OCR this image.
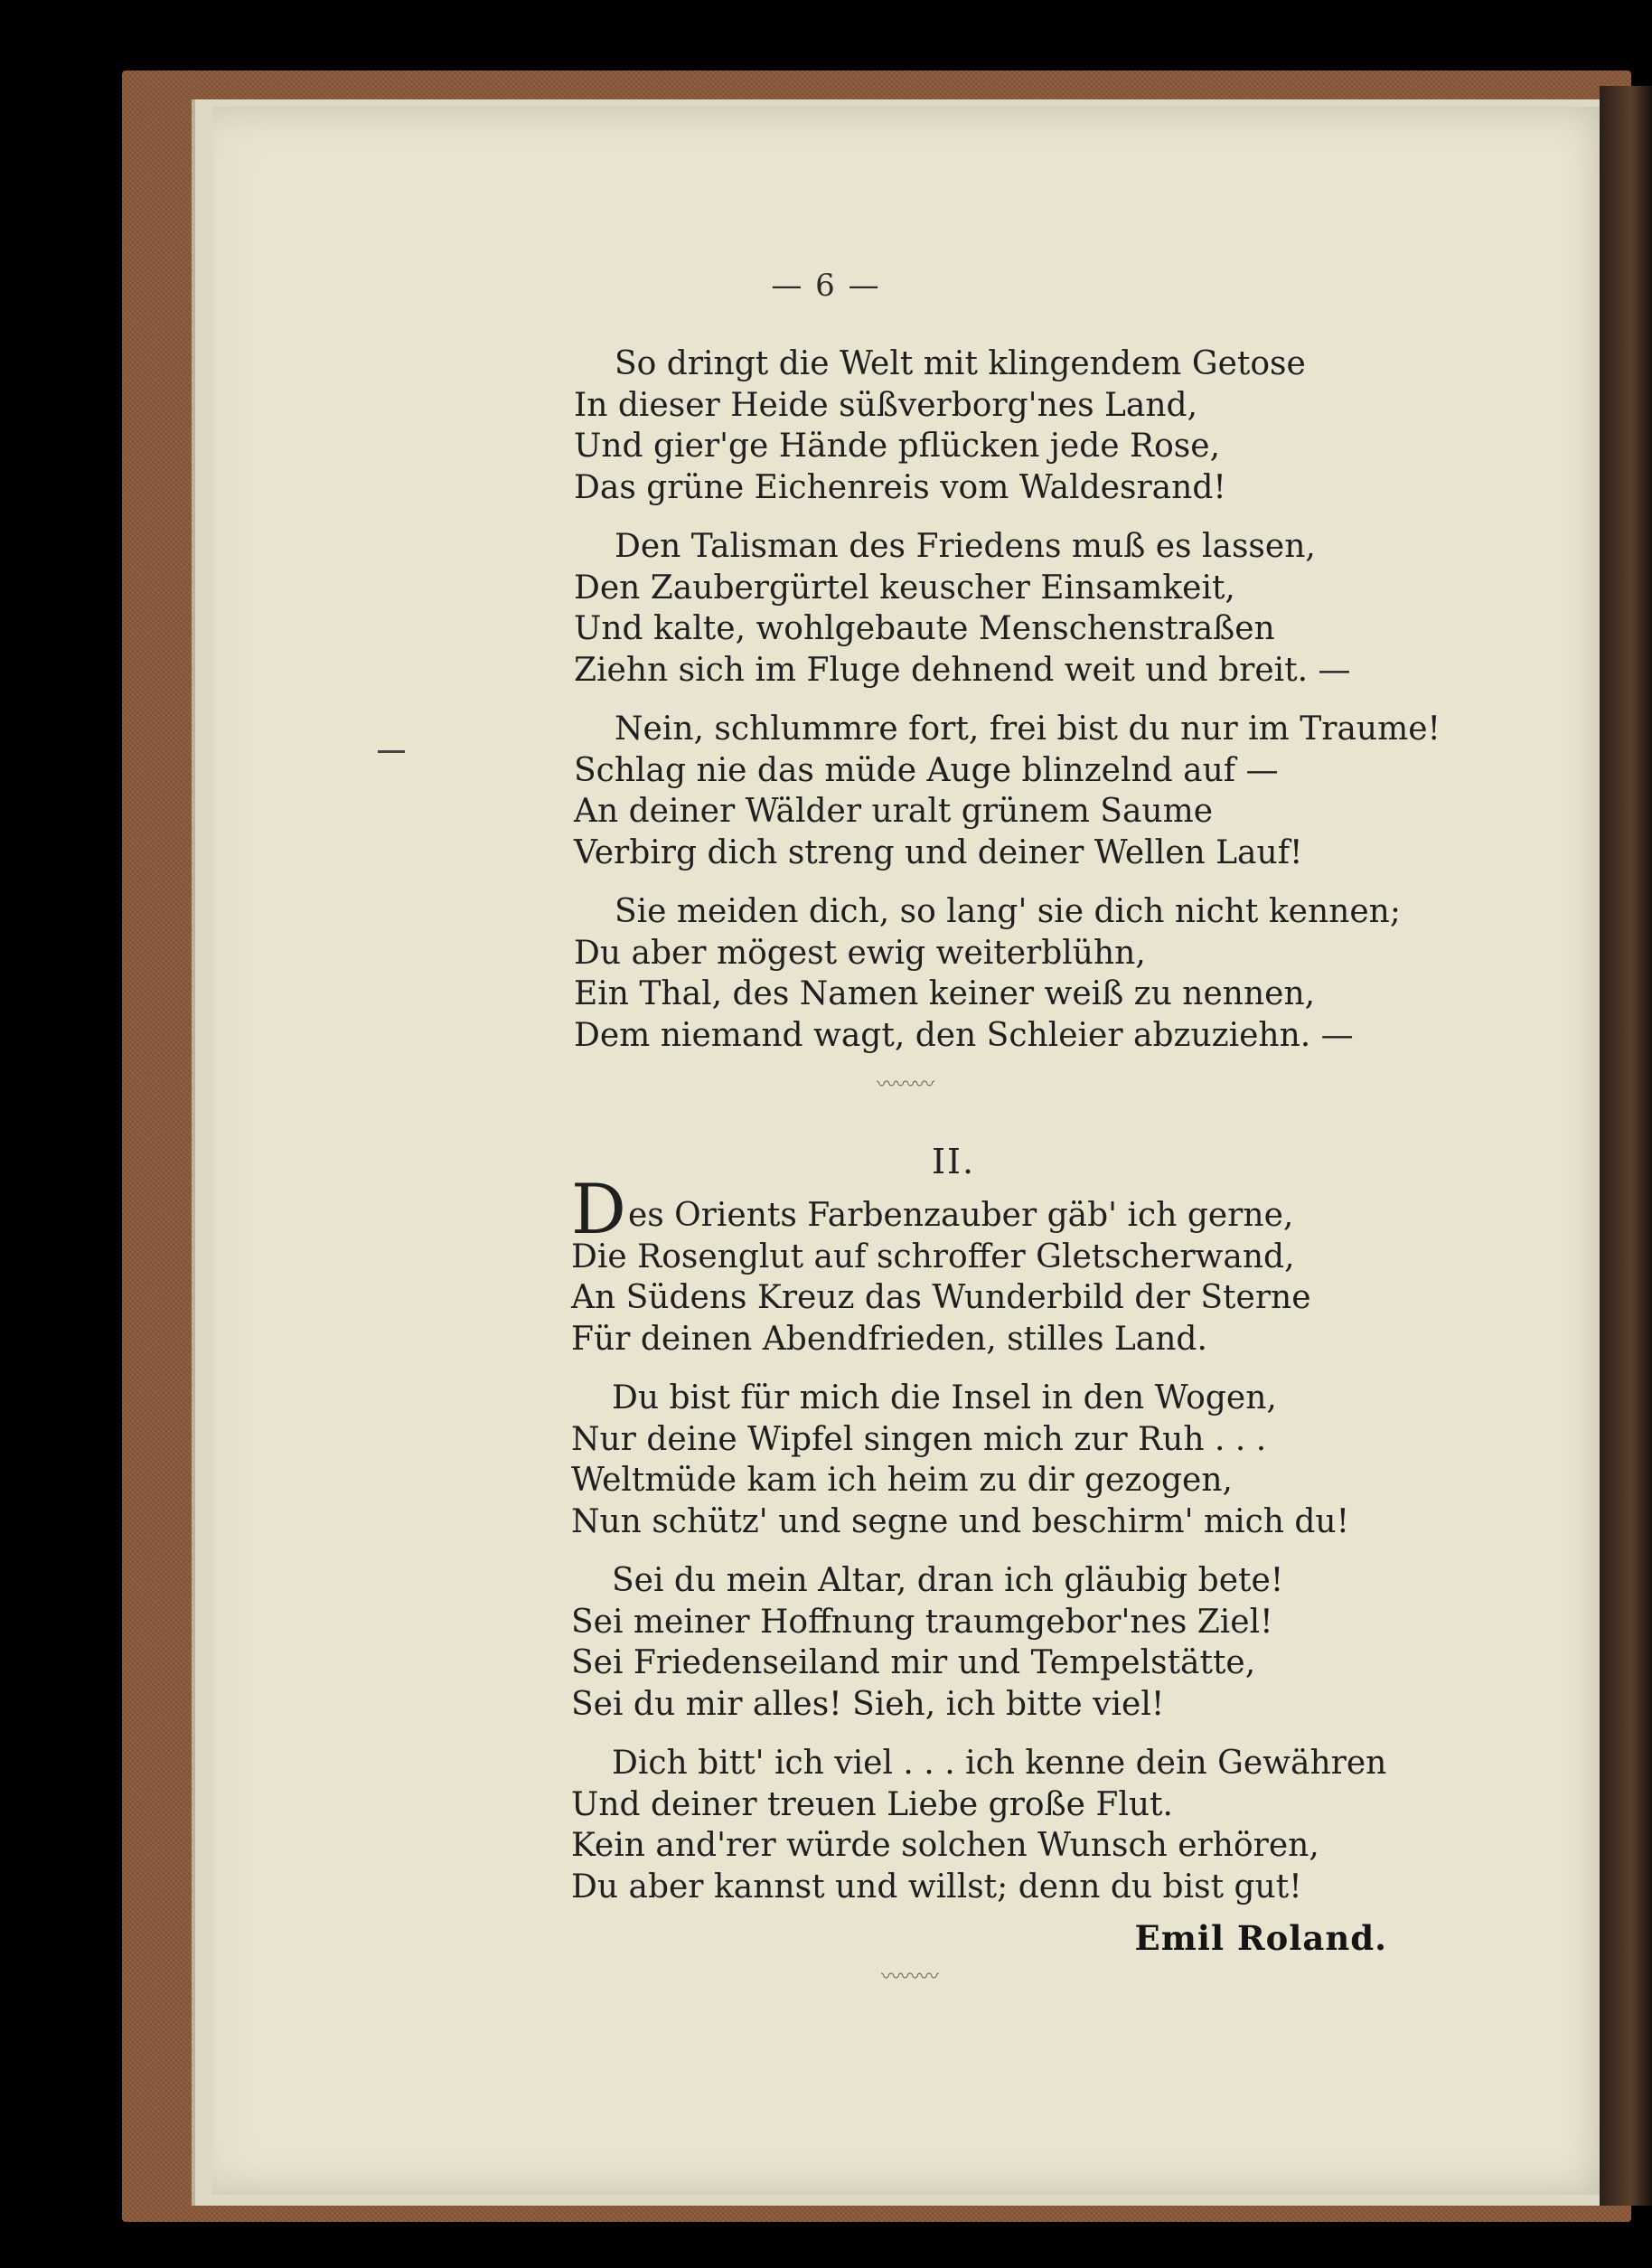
— 6 —
So dringt die Welt mit klingendem Getose
In dieser Heide süßverborg'nes Land,
Und gier'ge Hände pflücken jede Rose,
Das grüne Eichenreis vom Waldesrand!
Den Talisman des Friedens muß es lassen,
Den Zaubergürtel keuscher Einsamkeit,
Und kalte, wohlgebaute Menschenstraßen
Ziehn sich im Fluge dehnend weit und breit. —
Nein, schlummre fort, frei bist du nur im Traume!
Schlag nie das müde Auge blinzelnd auf —
An deiner Wälder uralt grünem Saume
Verbirg dich streng und deiner Wellen Lauf!
Sie meiden dich, so lang' sie dich nicht kennen;
Du aber mögest ewig weiterblühn,
Ein Thal, des Namen keiner weiß zu nennen,
Dem niemand wagt, den Schleier abzuziehn. —
〰〰〰
II.
Des Orients Farbenzauber gäb' ich gerne,
Die Rosenglut auf schroffer Gletscherwand,
An Südens Kreuz das Wunderbild der Sterne
Für deinen Abendfrieden, stilles Land.
Du bist für mich die Insel in den Wogen,
Nur deine Wipfel singen mich zur Ruh . . .
Weltmüde kam ich heim zu dir gezogen,
Nun schütz' und segne und beschirm' mich du!
Sei du mein Altar, dran ich gläubig bete!
Sei meiner Hoffnung traumgebor'nes Ziel!
Sei Friedenseiland mir und Tempelstätte,
Sei du mir alles! Sieh, ich bitte viel!
Dich bitt' ich viel . . . ich kenne dein Gewähren
Und deiner treuen Liebe große Flut.
Kein and'rer würde solchen Wunsch erhören,
Du aber kannst und willst; denn du bist gut!
Emil Roland.
〰〰〰
